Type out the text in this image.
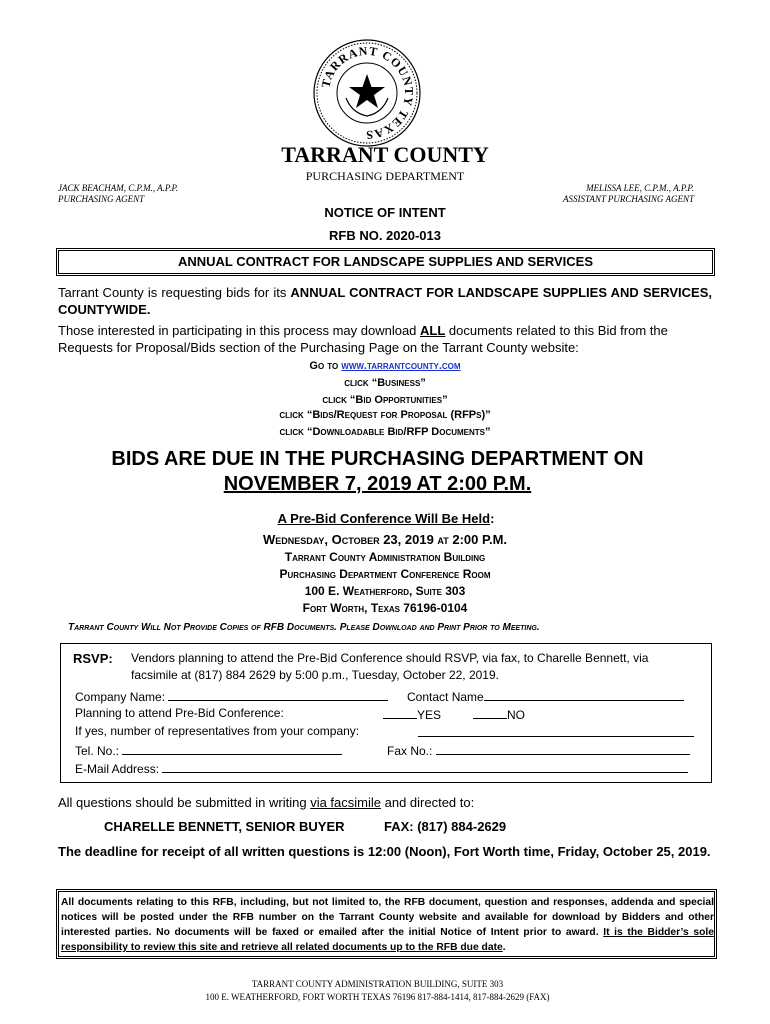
TARRANT COUNTY TEXAS
TARRANT COUNTY
PURCHASING DEPARTMENT
JACK BEACHAM, C.P.M., A.P.P.
PURCHASING AGENT
MELISSA LEE, C.P.M., A.P.P.
ASSISTANT PURCHASING AGENT
NOTICE OF INTENT
RFB NO. 2020-013
ANNUAL CONTRACT FOR LANDSCAPE SUPPLIES AND SERVICES
Tarrant County is requesting bids for its ANNUAL CONTRACT FOR LANDSCAPE SUPPLIES AND SERVICES, COUNTYWIDE.
Those interested in participating in this process may download ALL documents related to this Bid from the Requests for Proposal/Bids section of the Purchasing Page on the Tarrant County website:
Go to www.tarrantcounty.com
click “Business”
click “Bid Opportunities”
click “Bids/Request for Proposal (RFPs)”
click “Downloadable Bid/RFP Documents”
BIDS ARE DUE IN THE PURCHASING DEPARTMENT ON
NOVEMBER 7, 2019 AT 2:00 P.M.
A Pre-Bid Conference Will Be Held:
Wednesday, October 23, 2019 at 2:00 P.M.
Tarrant County Administration Building
Purchasing Department Conference Room
100 E. Weatherford, Suite 303
Fort Worth, Texas 76196-0104
Tarrant County Will Not Provide Copies of RFB Documents. Please Download and Print Prior to Meeting.
RSVP: Vendors planning to attend the Pre-Bid Conference should RSVP, via fax, to Charelle Bennett, via
facsimile at (817) 884 2629 by 5:00 p.m., Tuesday, October 22, 2019.
Company Name:	Contact Name
Planning to attend Pre-Bid Conference:	YES	NO
If yes, number of representatives from your company:
Tel. No.:	Fax No.:
E-Mail Address:
All questions should be submitted in writing via facsimile and directed to:
CHARELLE BENNETT, SENIOR BUYER	FAX: (817) 884-2629
The deadline for receipt of all written questions is 12:00 (Noon), Fort Worth time, Friday, October 25, 2019.
All documents relating to this RFB, including, but not limited to, the RFB document, question and responses, addenda and special notices will be posted under the RFB number on the Tarrant County website and available for download by Bidders and other interested parties. No documents will be faxed or emailed after the initial Notice of Intent prior to award. It is the Bidder’s sole responsibility to review this site and retrieve all related documents up to the RFB due date.
TARRANT COUNTY ADMINISTRATION BUILDING, SUITE 303
100 E. WEATHERFORD, FORT WORTH TEXAS 76196 817-884-1414, 817-884-2629 (FAX)
